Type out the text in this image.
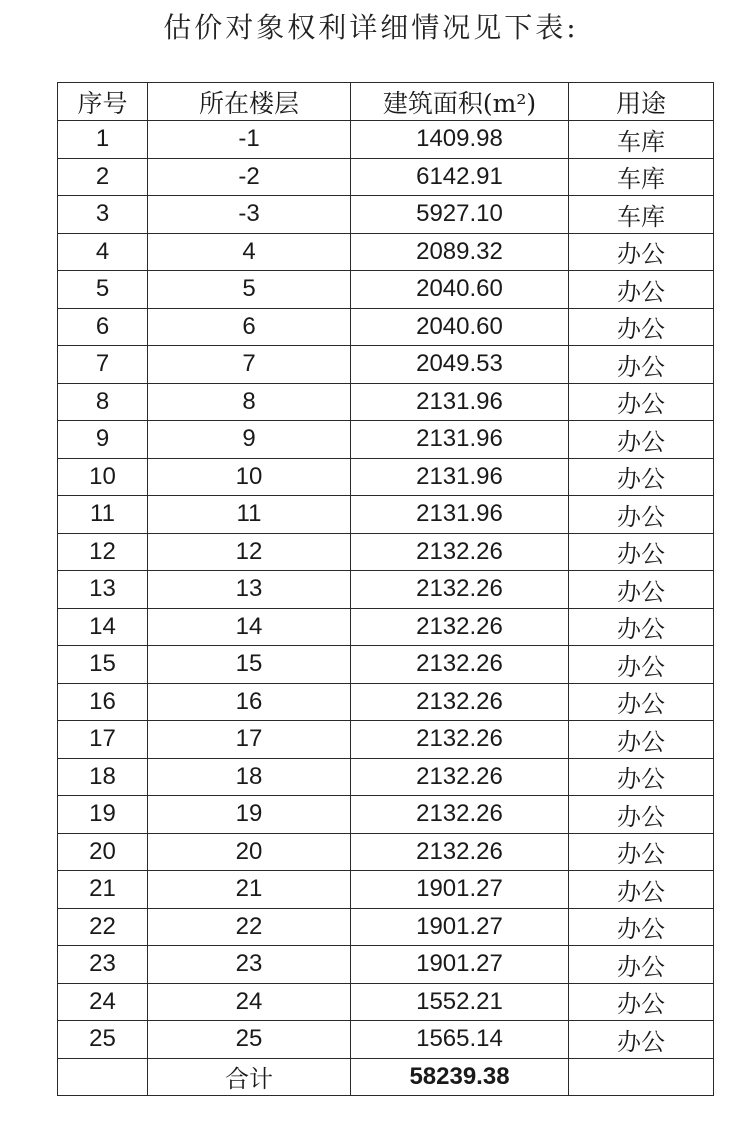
估价对象权利详细情况见下表:
序号	所在楼层	建筑面积(m²)	用途
1	-1	1409.98	车库
2	-2	6142.91	车库
3	-3	5927.10	车库
4	4	2089.32	办公
5	5	2040.60	办公
6	6	2040.60	办公
7	7	2049.53	办公
8	8	2131.96	办公
9	9	2131.96	办公
10	10	2131.96	办公
11	11	2131.96	办公
12	12	2132.26	办公
13	13	2132.26	办公
14	14	2132.26	办公
15	15	2132.26	办公
16	16	2132.26	办公
17	17	2132.26	办公
18	18	2132.26	办公
19	19	2132.26	办公
20	20	2132.26	办公
21	21	1901.27	办公
22	22	1901.27	办公
23	23	1901.27	办公
24	24	1552.21	办公
25	25	1565.14	办公
	合计	58239.38	
